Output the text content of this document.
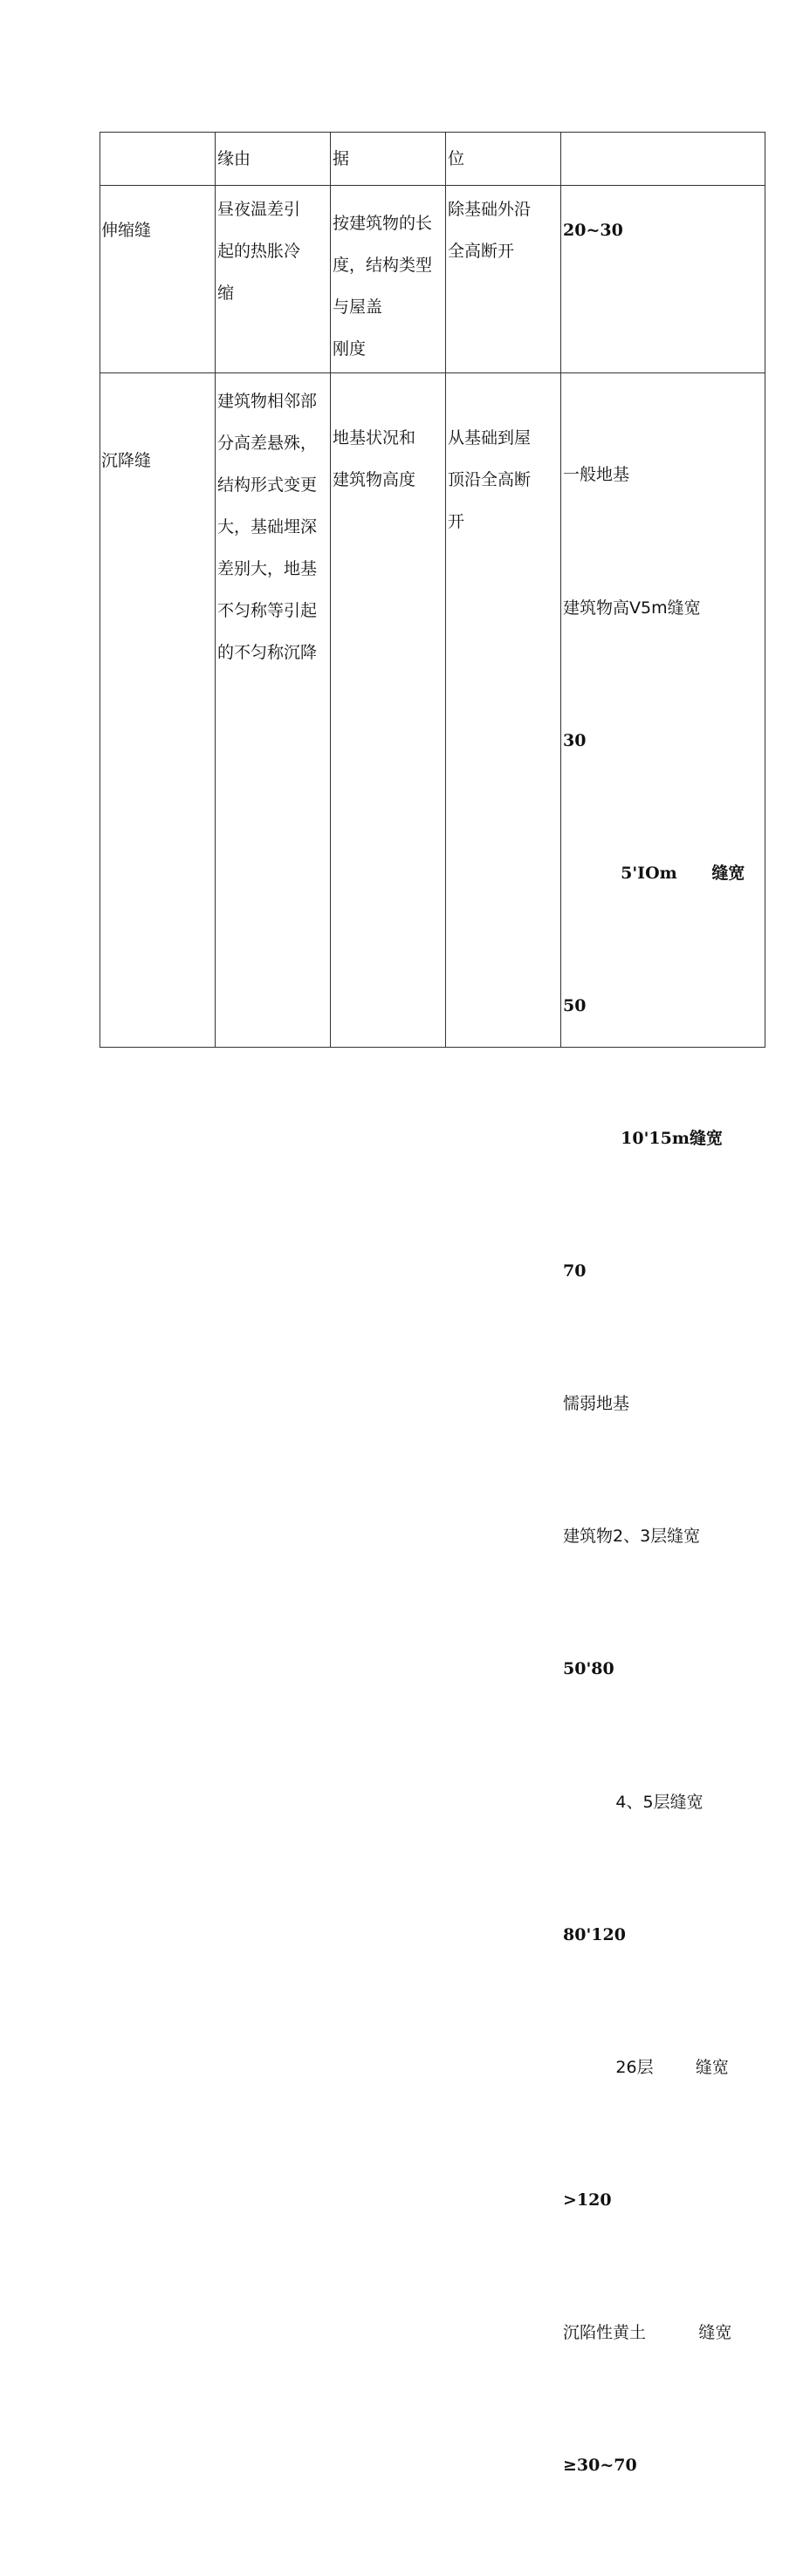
缘由	据	位
伸缩缝
昼夜温差引
起的热胀冷
缩
按建筑物的长
度，结构类型
与屋盖
刚度
除基础外沿
全高断开
20~30
沉降缝
建筑物相邻部
分高差悬殊，
结构形式变更
大，基础埋深
差别大，地基
不匀称等引起
的不匀称沉降
地基状况和
建筑物高度
从基础到屋
顶沿全高断
开

一般地基

建筑物高V5m缝宽

30

5'IOm      缝宽

50

10'15m缝宽

70

懦弱地基

建筑物2、3层缝宽

50'80

4、5层缝宽

80'120

26层        缝宽

>120

沉陷性黄土          缝宽

≥30~70
